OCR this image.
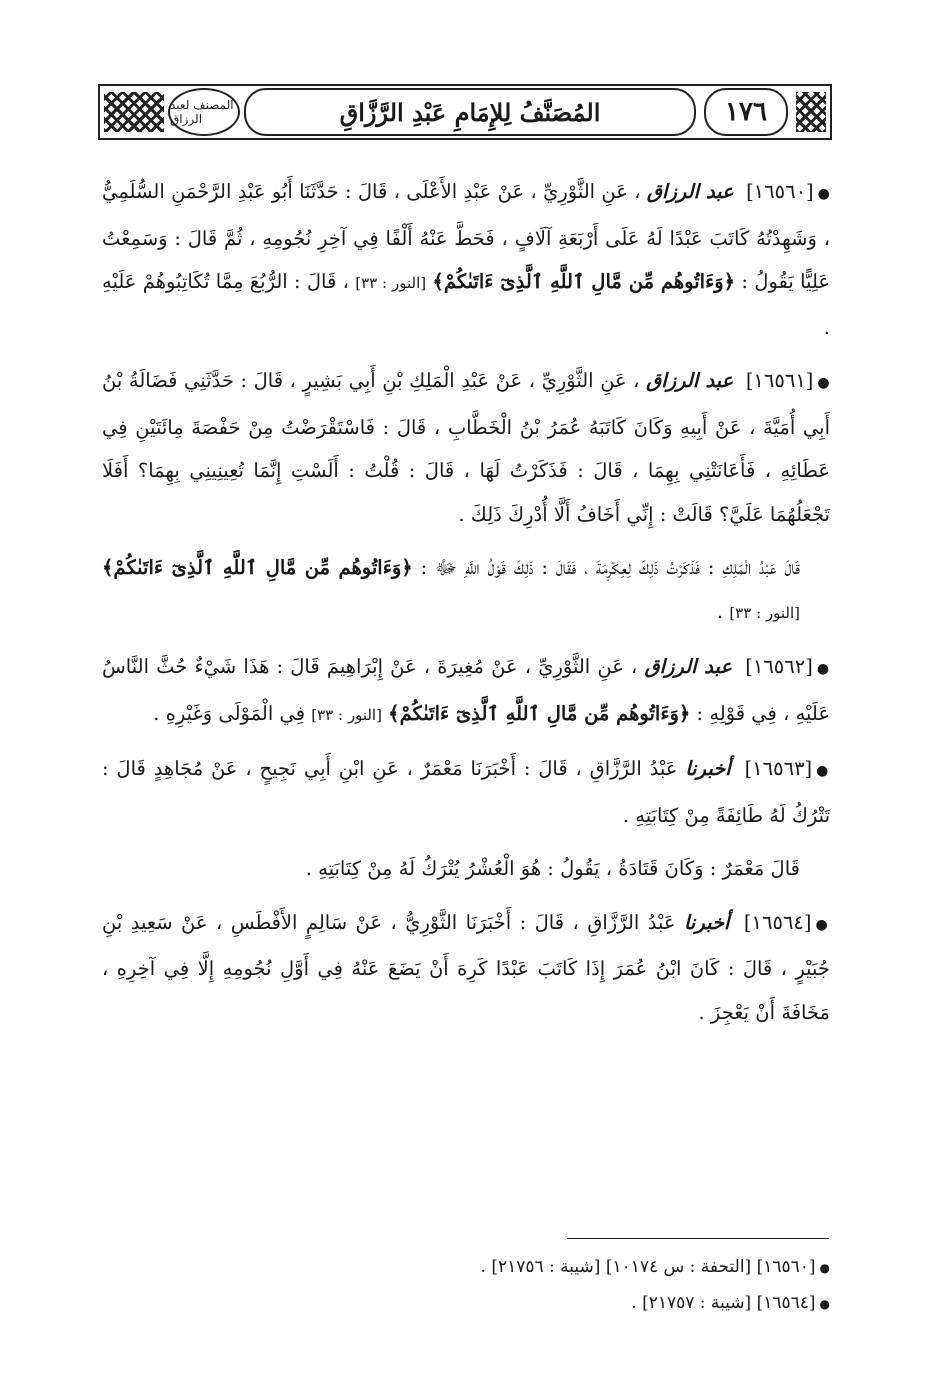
المصنف لعبد الرزاق	المُصَنَّفُ لِلإِمَامِ عَبْدِ الرَّزَّاقِ	١٧٦

● [١٦٥٦٠] عبد الرزاق ، عَنِ الثَّوْرِيِّ ، عَنْ عَبْدِ الأَعْلَى ، قَالَ : حَدَّثَنَا أَبُو عَبْدِ الرَّحْمَنِ السُّلَمِيُّ ، وَشَهِدْتُهُ كَاتَبَ عَبْدًا لَهُ عَلَى أَرْبَعَةِ آلَافٍ ، فَحَطَّ عَنْهُ أَلْفًا فِي آخِرِ نُجُومِهِ ، ثُمَّ قَالَ : وَسَمِعْتُ عَلِيًّا يَقُولُ : ﴿وَءَاتُوهُم مِّن مَّالِ ٱللَّهِ ٱلَّذِىٓ ءَاتَىٰكُمْ﴾ [النور : ٣٣] ، قَالَ : الرُّبُعَ مِمَّا تُكَاتِبُوهُمْ عَلَيْهِ .

● [١٦٥٦١] عبد الرزاق ، عَنِ الثَّوْرِيِّ ، عَنْ عَبْدِ الْمَلِكِ بْنِ أَبِي بَشِيرٍ ، قَالَ : حَدَّثَنِي فَضَالَةُ بْنُ أَبِي أُمَيَّةَ ، عَنْ أَبِيهِ وَكَانَ كَاتَبَهُ عُمَرُ بْنُ الْخَطَّابِ ، قَالَ : فَاسْتَقْرَضْتُ مِنْ حَفْصَةَ مِائَتَيْنِ فِي عَطَائِهِ ، فَأَعَانَتْنِي بِهِمَا ، قَالَ : فَذَكَرْتُ لَهَا ، قَالَ : قُلْتُ : أَلَسْتِ إِنَّمَا تُعِينِينِي بِهِمَا؟ أَفَلَا تَجْعَلُهُمَا عَلَيَّ؟ قَالَتْ : إِنِّي أَخَافُ أَلَّا أُدْرِكَ ذَلِكَ .

قَالَ عَبْدُ الْمَلِكِ : فَذَكَرْتُ ذَلِكَ لِعِكْرِمَةَ ، فَقَالَ : ذَلِكَ قَوْلُ اللَّهِ ﷻ : ﴿وَءَاتُوهُم مِّن مَّالِ ٱللَّهِ ٱلَّذِىٓ ءَاتَىٰكُمْ﴾ [النور : ٣٣] .

● [١٦٥٦٢] عبد الرزاق ، عَنِ الثَّوْرِيِّ ، عَنْ مُغِيرَةَ ، عَنْ إِبْرَاهِيمَ قَالَ : هَذَا شَيْءٌ حُثَّ النَّاسُ عَلَيْهِ ، فِي قَوْلِهِ : ﴿وَءَاتُوهُم مِّن مَّالِ ٱللَّهِ ٱلَّذِىٓ ءَاتَىٰكُمْ﴾ [النور : ٣٣] فِي الْمَوْلَى وَغَيْرِهِ .

● [١٦٥٦٣] أخبرنا عَبْدُ الرَّزَّاقِ ، قَالَ : أَخْبَرَنَا مَعْمَرٌ ، عَنِ ابْنِ أَبِي نَجِيحٍ ، عَنْ مُجَاهِدٍ قَالَ : تَتْرُكُ لَهُ طَائِفَةً مِنْ كِتَابَتِهِ .

قَالَ مَعْمَرٌ : وَكَانَ قَتَادَةُ ، يَقُولُ : هُوَ الْعُشْرُ يُتْرَكُ لَهُ مِنْ كِتَابَتِهِ .

● [١٦٥٦٤] أخبرنا عَبْدُ الرَّزَّاقِ ، قَالَ : أَخْبَرَنَا الثَّوْرِيُّ ، عَنْ سَالِمٍ الأَفْطَسِ ، عَنْ سَعِيدِ بْنِ جُبَيْرٍ ، قَالَ : كَانَ ابْنُ عُمَرَ إِذَا كَاتَبَ عَبْدًا كَرِهَ أَنْ يَضَعَ عَنْهُ فِي أَوَّلِ نُجُومِهِ إِلَّا فِي آخِرِهِ ، مَخَافَةَ أَنْ يَعْجِزَ .

● [١٦٥٦٠] [التحفة : س ١٠١٧٤] [شيبة : ٢١٧٥٦] .
● [١٦٥٦٤] [شيبة : ٢١٧٥٧] .
